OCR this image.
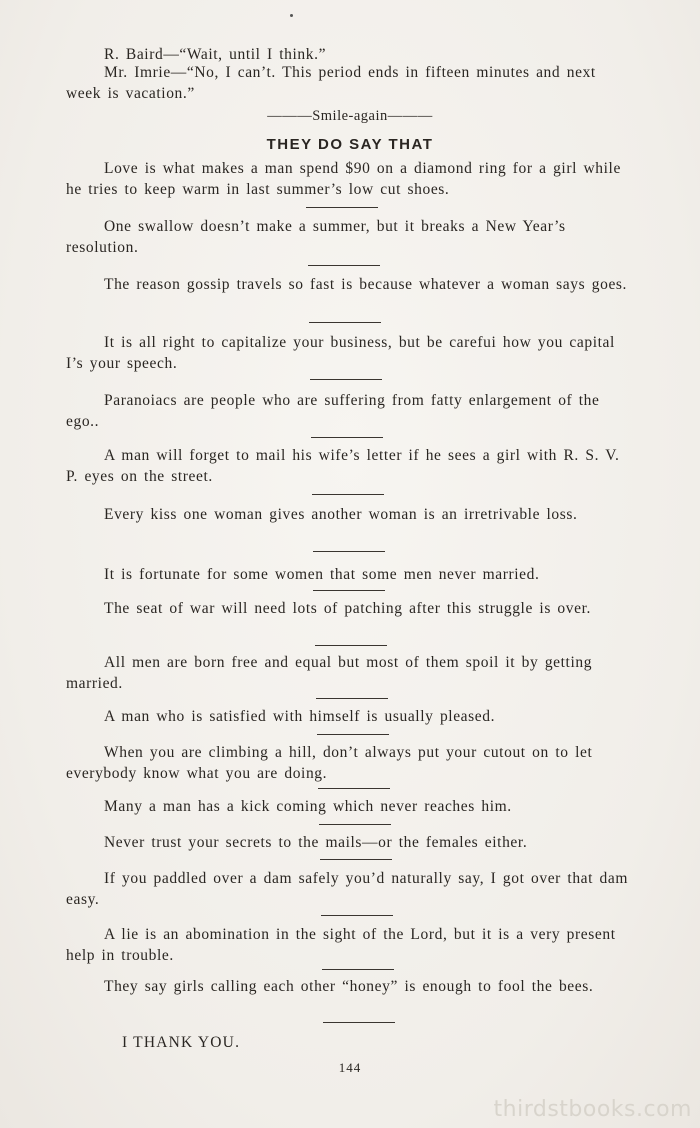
R. Baird—“Wait, until I think.”
Mr. Imrie—“No, I can’t. This period ends in fifteen minutes and next week is vacation.”
———Smile-again———
THEY DO SAY THAT
Love is what makes a man spend $90 on a diamond ring for a girl while he tries to keep warm in last summer’s low cut shoes.
One swallow doesn’t make a summer, but it breaks a New Year’s resolution.
The reason gossip travels so fast is because whatever a woman says goes.
It is all right to capitalize your business, but be carefui how you capital I’s your speech.
Paranoiacs are people who are suffering from fatty enlargement of the ego..
A man will forget to mail his wife’s letter if he sees a girl with R. S. V. P. eyes on the street.
Every kiss one woman gives another woman is an irretrivable loss.
It is fortunate for some women that some men never married.
The seat of war will need lots of patching after this struggle is over.
All men are born free and equal but most of them spoil it by getting married.
A man who is satisfied with himself is usually pleased.
When you are climbing a hill, don’t always put your cutout on to let everybody know what you are doing.
Many a man has a kick coming which never reaches him.
Never trust your secrets to the mails—or the females either.
If you paddled over a dam safely you’d naturally say, I got over that dam easy.
A lie is an abomination in the sight of the Lord, but it is a very present help in trouble.
They say girls calling each other “honey” is enough to fool the bees.
I THANK YOU.
144
thirdstbooks.com
